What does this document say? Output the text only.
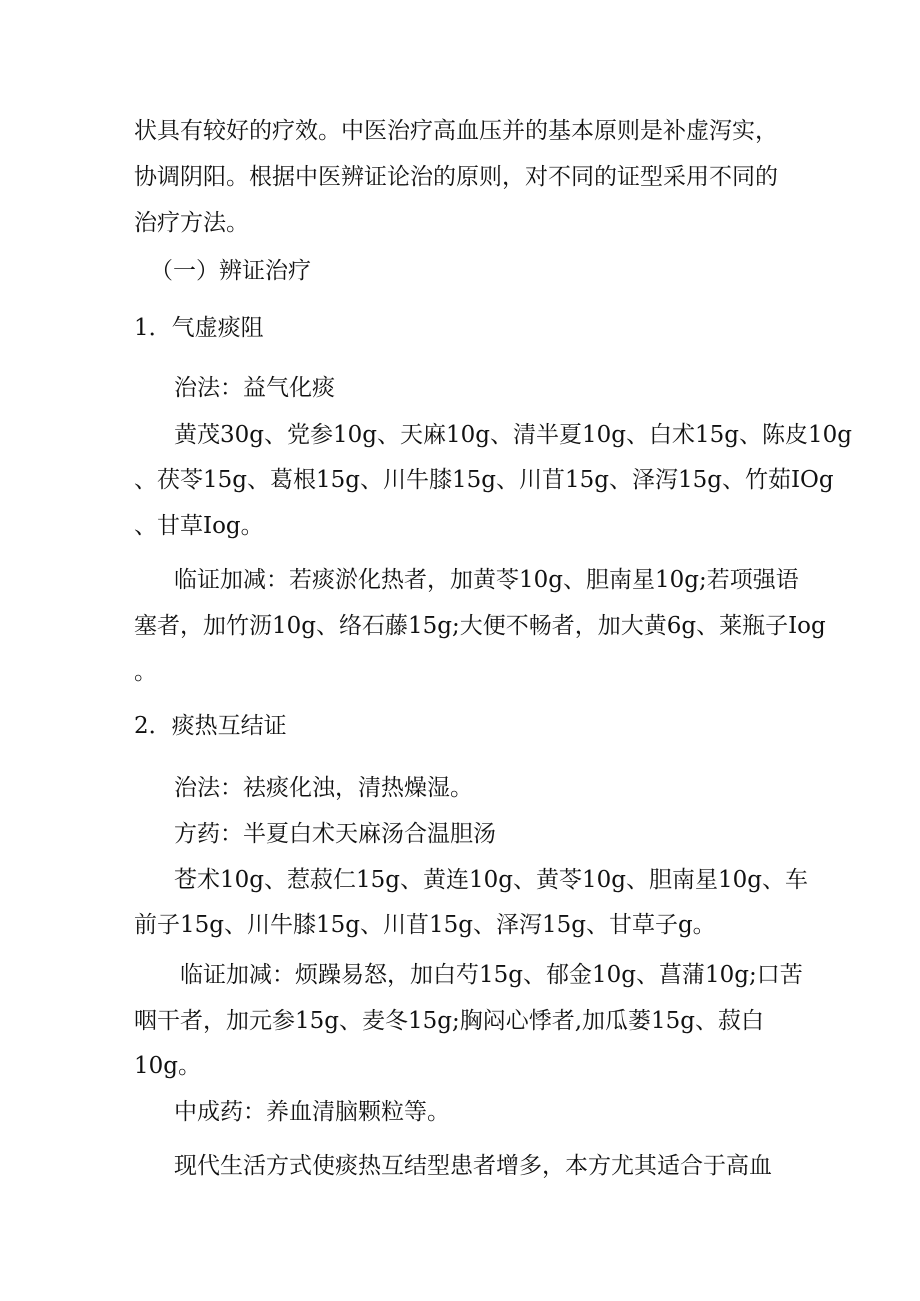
状具有较好的疗效。中医治疗高血压并的基本原则是补虚泻实，

协调阴阳。根据中医辨证论治的原则，对不同的证型采用不同的

治疗方法。

（一）辨证治疗

1．气虚痰阻

治法：益气化痰

黄茂30g、党参10g、天麻10g、清半夏10g、白术15g、陈皮10g

、茯苓15g、葛根15g、川牛膝15g、川苜15g、泽泻15g、竹茹IOg

、甘草Iog。

临证加减：若痰淤化热者，加黄苓10g、胆南星10g;若项强语

塞者，加竹沥10g、络石藤15g;大便不畅者，加大黄6g、莱瓶子Iog

。

2．痰热互结证

治法：祛痰化浊，清热燥湿。

方药：半夏白术天麻汤合温胆汤

苍术10g、惹菽仁15g、黄连10g、黄苓10g、胆南星10g、车

前子15g、川牛膝15g、川苜15g、泽泻15g、甘草子g。

临证加减：烦躁易怒，加白芍15g、郁金10g、菖蒲10g;口苦

咽干者，加元参15g、麦冬15g;胸闷心悸者,加瓜蒌15g、菽白

10g。

中成药：养血清脑颗粒等。

现代生活方式使痰热互结型患者增多，本方尤其适合于高血
